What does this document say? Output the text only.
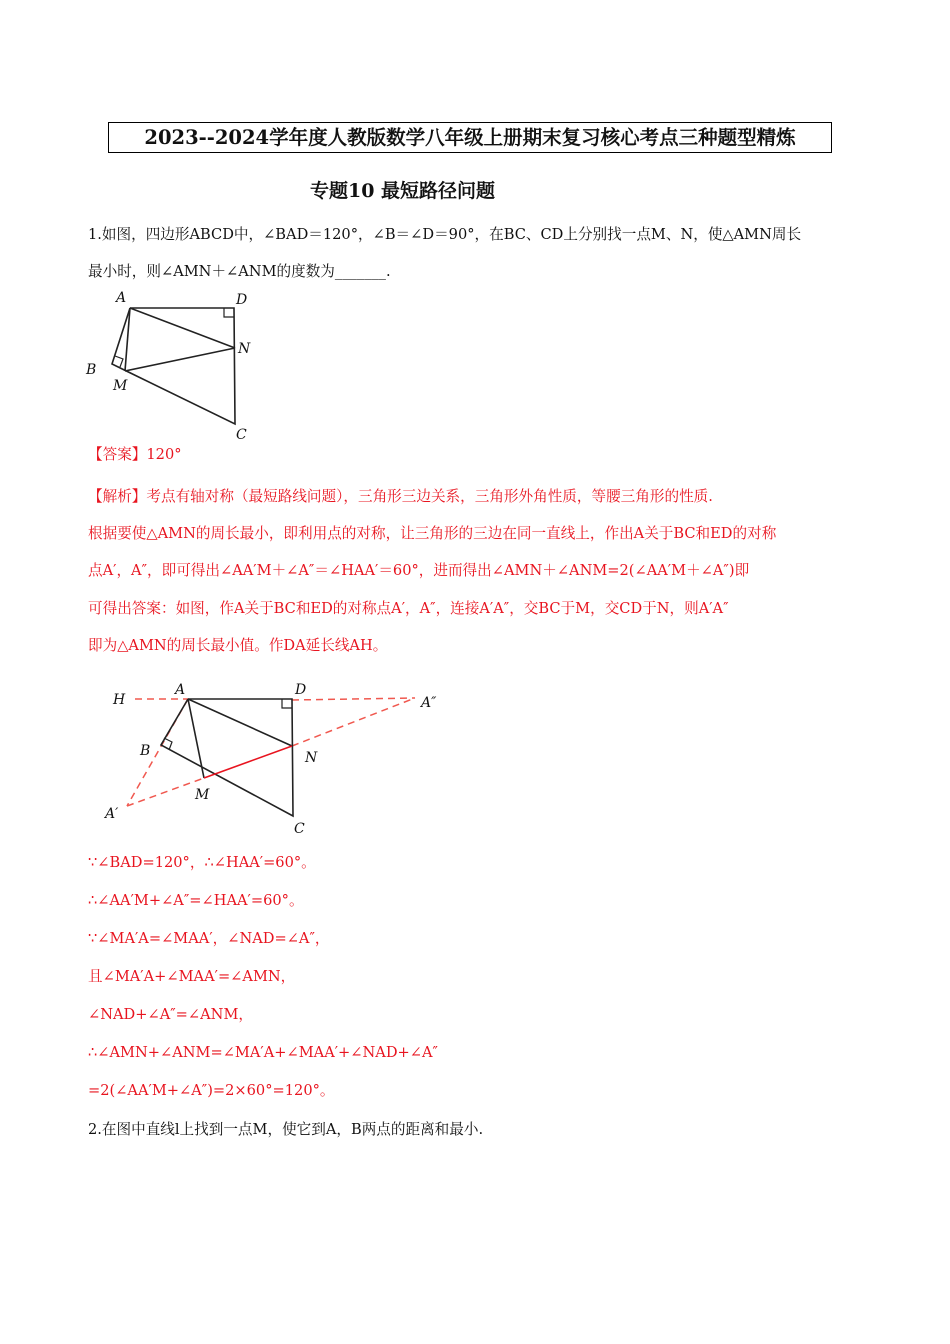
2023--2024学年度人教版数学八年级上册期末复习核心考点三种题型精炼
专题10 最短路径问题
1.如图，四边形ABCD中，∠BAD＝120°，∠B＝∠D＝90°，在BC、CD上分别找一点M、N，使△AMN周长
最小时，则∠AMN＋∠ANM的度数为_______.
A	D
N
B
M
C
【答案】120°
【解析】考点有轴对称（最短路线问题），三角形三边关系，三角形外角性质，等腰三角形的性质.
根据要使△AMN的周长最小，即利用点的对称，让三角形的三边在同一直线上，作出A关于BC和ED的对称
点A′，A″，即可得出∠AA′M＋∠A″＝∠HAA′＝60°，进而得出∠AMN＋∠ANM=2(∠AA′M＋∠A″)即
可得出答案：如图，作A关于BC和ED的对称点A′，A″，连接A′A″，交BC于M，交CD于N，则A′A″
即为△AMN的周长最小值。作DA延长线AH。
H
A	D
A″
B	N
M
A′
C
∵∠BAD=120°，∴∠HAA′=60°。
∴∠AA′M+∠A″=∠HAA′=60°。
∵∠MA′A=∠MAA′，∠NAD=∠A″，
且∠MA′A+∠MAA′=∠AMN，
∠NAD+∠A″=∠ANM，
∴∠AMN+∠ANM=∠MA′A+∠MAA′+∠NAD+∠A″
=2(∠AA′M+∠A″)=2×60°=120°。
2.在图中直线l上找到一点M，使它到A，B两点的距离和最小.
